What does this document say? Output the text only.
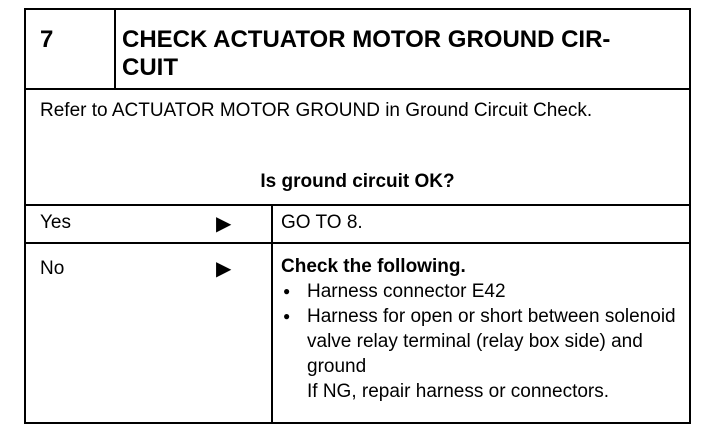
7	CHECK ACTUATOR MOTOR GROUND CIR-
CUIT
Refer to ACTUATOR MOTOR GROUND in Ground Circuit Check.
Is ground circuit OK?
Yes	▶	GO TO 8.
No	▶	Check the following.
● Harness connector E42
● Harness for open or short between solenoid valve relay terminal (relay box side) and ground
If NG, repair harness or connectors.
